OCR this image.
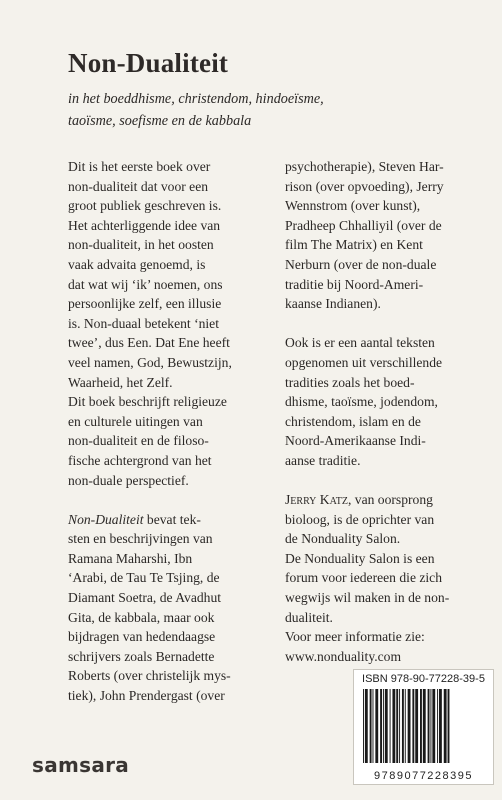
Non-Dualiteit
in het boeddhisme, christendom, hindoeïsme,
taoïsme, soefisme en de kabbala
Dit is het eerste boek over
non-dualiteit dat voor een
groot publiek geschreven is.
Het achterliggende idee van
non-dualiteit, in het oosten
vaak advaita genoemd, is
dat wat wij ‘ik’ noemen, ons
persoonlijke zelf, een illusie
is. Non-duaal betekent ‘niet
twee’, dus Een. Dat Ene heeft
veel namen, God, Bewustzijn,
Waarheid, het Zelf.
Dit boek beschrijft religieuze
en culturele uitingen van
non-dualiteit en de filoso-
fische achtergrond van het
non-duale perspectief.
Non-Dualiteit bevat tek-
sten en beschrijvingen van
Ramana Maharshi, Ibn
‘Arabi, de Tau Te Tsjing, de
Diamant Soetra, de Avadhut
Gita, de kabbala, maar ook
bijdragen van hedendaagse
schrijvers zoals Bernadette
Roberts (over christelijk mys-
tiek), John Prendergast (over
psychotherapie), Steven Har-
rison (over opvoeding), Jerry
Wennstrom (over kunst),
Pradheep Chhalliyil (over de
film The Matrix) en Kent
Nerburn (over de non-duale
traditie bij Noord-Ameri-
kaanse Indianen).
Ook is er een aantal teksten
opgenomen uit verschillende
tradities zoals het boed-
dhisme, taoïsme, jodendom,
christendom, islam en de
Noord-Amerikaanse Indi-
aanse traditie.
Jerry Katz, van oorsprong
bioloog, is de oprichter van
de Nonduality Salon.
De Nonduality Salon is een
forum voor iedereen die zich
wegwijs wil maken in de non-
dualiteit.
Voor meer informatie zie:
www.nonduality.com
ISBN 978-90-77228-39-5
9789077228395
samsara
